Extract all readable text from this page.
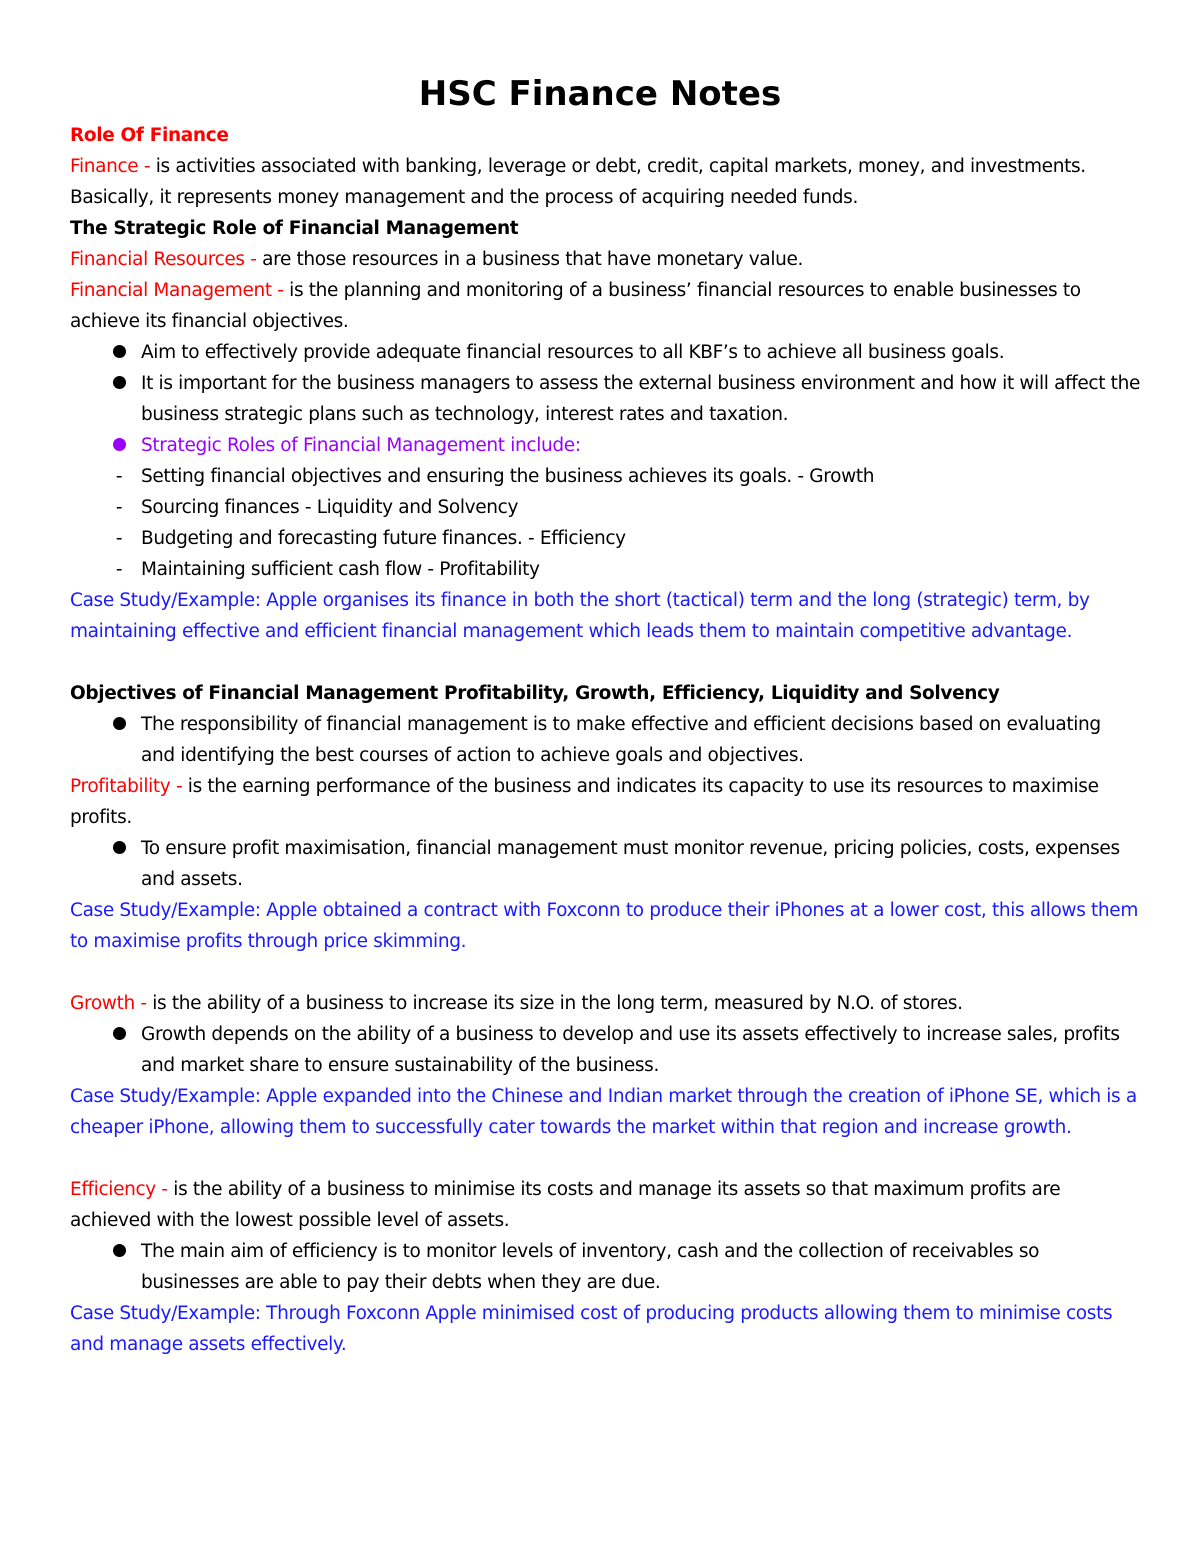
HSC Finance Notes

Role Of Finance

Finance - is activities associated with banking, leverage or debt, credit, capital markets, money, and investments. Basically, it represents money management and the process of acquiring needed funds.

The Strategic Role of Financial Management

Financial Resources - are those resources in a business that have monetary value.

Financial Management - is the planning and monitoring of a business’ financial resources to enable businesses to achieve its financial objectives.

Aim to effectively provide adequate financial resources to all KBF’s to achieve all business goals.

It is important for the business managers to assess the external business environment and how it will affect the business strategic plans such as technology, interest rates and taxation.

Strategic Roles of Financial Management include:

-	Setting financial objectives and ensuring the business achieves its goals. - Growth

-	Sourcing finances - Liquidity and Solvency

-	Budgeting and forecasting future finances. - Efficiency

-	Maintaining sufficient cash flow - Profitability

Case Study/Example: Apple organises its finance in both the short (tactical) term and the long (strategic) term, by maintaining effective and efficient financial management which leads them to maintain competitive advantage.

Objectives of Financial Management Profitability, Growth, Efficiency, Liquidity and Solvency

The responsibility of financial management is to make effective and efficient decisions based on evaluating and identifying the best courses of action to achieve goals and objectives.

Profitability - is the earning performance of the business and indicates its capacity to use its resources to maximise profits.

To ensure profit maximisation, financial management must monitor revenue, pricing policies, costs, expenses and assets.

Case Study/Example: Apple obtained a contract with Foxconn to produce their iPhones at a lower cost, this allows them to maximise profits through price skimming.

Growth - is the ability of a business to increase its size in the long term, measured by N.O. of stores.

Growth depends on the ability of a business to develop and use its assets effectively to increase sales, profits and market share to ensure sustainability of the business.

Case Study/Example: Apple expanded into the Chinese and Indian market through the creation of iPhone SE, which is a cheaper iPhone, allowing them to successfully cater towards the market within that region and increase growth.

Efficiency - is the ability of a business to minimise its costs and manage its assets so that maximum profits are achieved with the lowest possible level of assets.

The main aim of efficiency is to monitor levels of inventory, cash and the collection of receivables so businesses are able to pay their debts when they are due.

Case Study/Example: Through Foxconn Apple minimised cost of producing products allowing them to minimise costs and manage assets effectively.
